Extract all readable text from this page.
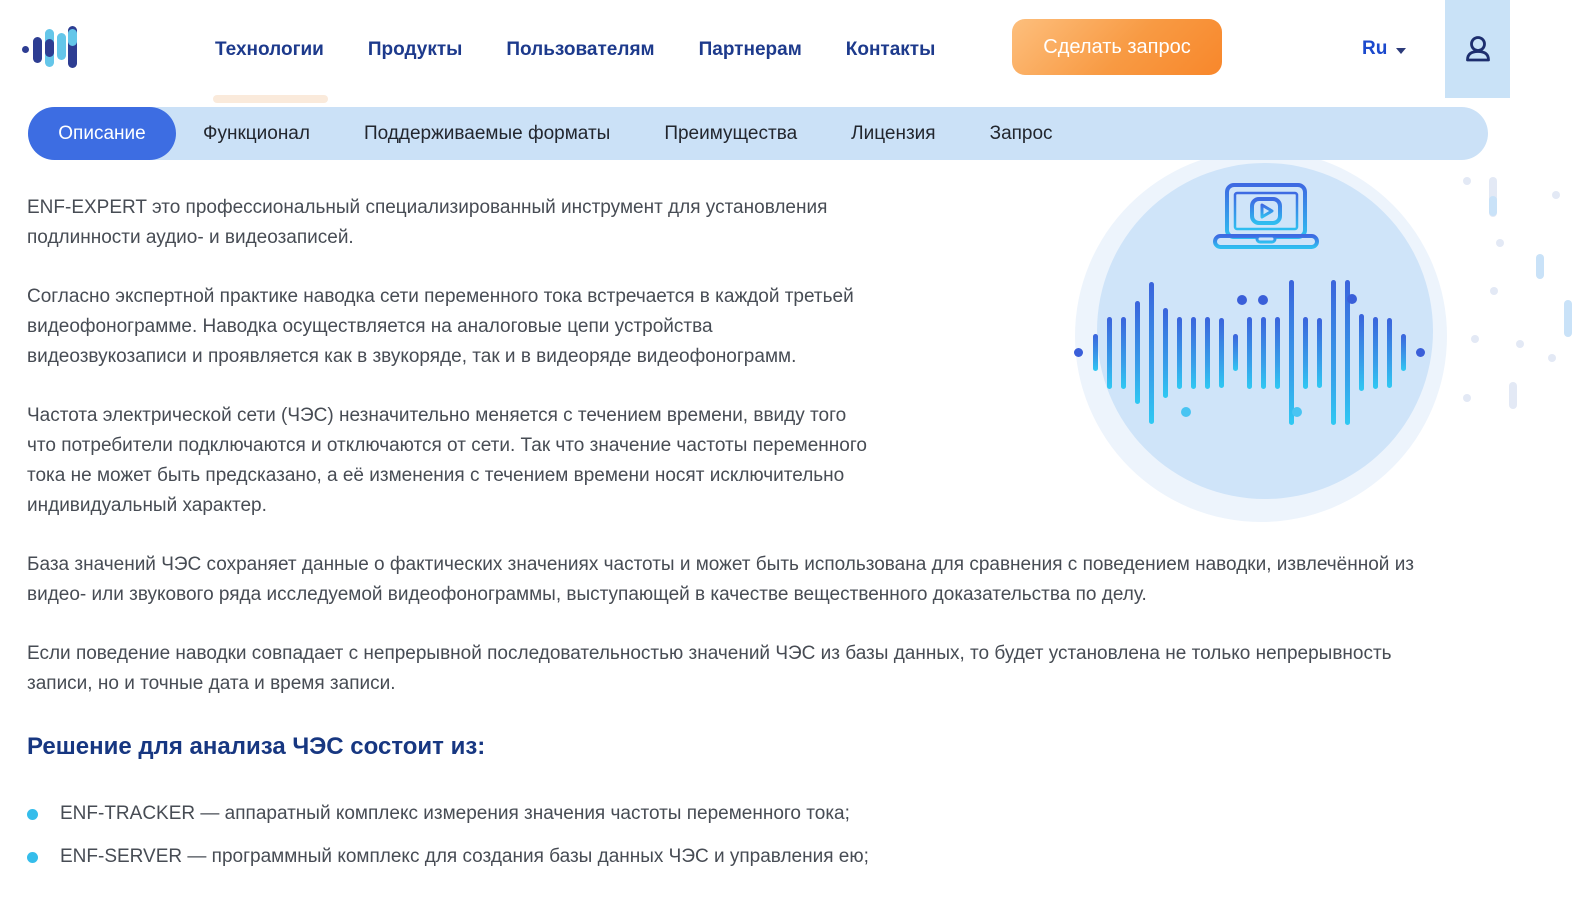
Технологии Продукты Пользователям Партнерам Контакты	Сделать запрос	Ru
Описание	Функционал	Поддерживаемые форматы	Преимущества	Лицензия	Запрос

ENF-EXPERT это профессиональный специализированный инструмент для установления подлинности аудио- и видеозаписей.

Согласно экспертной практике наводка сети переменного тока встречается в каждой третьей видеофонограмме. Наводка осуществляется на аналоговые цепи устройства видеозвукозаписи и проявляется как в звукоряде, так и в видеоряде видеофонограмм.

Частота электрической сети (ЧЭС) незначительно меняется с течением времени, ввиду того что потребители подключаются и отключаются от сети. Так что значение частоты переменного тока не может быть предсказано, а её изменения с течением времени носят исключительно индивидуальный характер.

База значений ЧЭС сохраняет данные о фактических значениях частоты и может быть использована для сравнения с поведением наводки, извлечённой из видео- или звукового ряда исследуемой видеофонограммы, выступающей в качестве вещественного доказательства по делу.

Если поведение наводки совпадает с непрерывной последовательностью значений ЧЭС из базы данных, то будет установлена не только непрерывность записи, но и точные дата и время записи.

Решение для анализа ЧЭС состоит из:
ENF-TRACKER — аппаратный комплекс измерения значения частоты переменного тока;
ENF-SERVER — программный комплекс для создания базы данных ЧЭС и управления ею;
